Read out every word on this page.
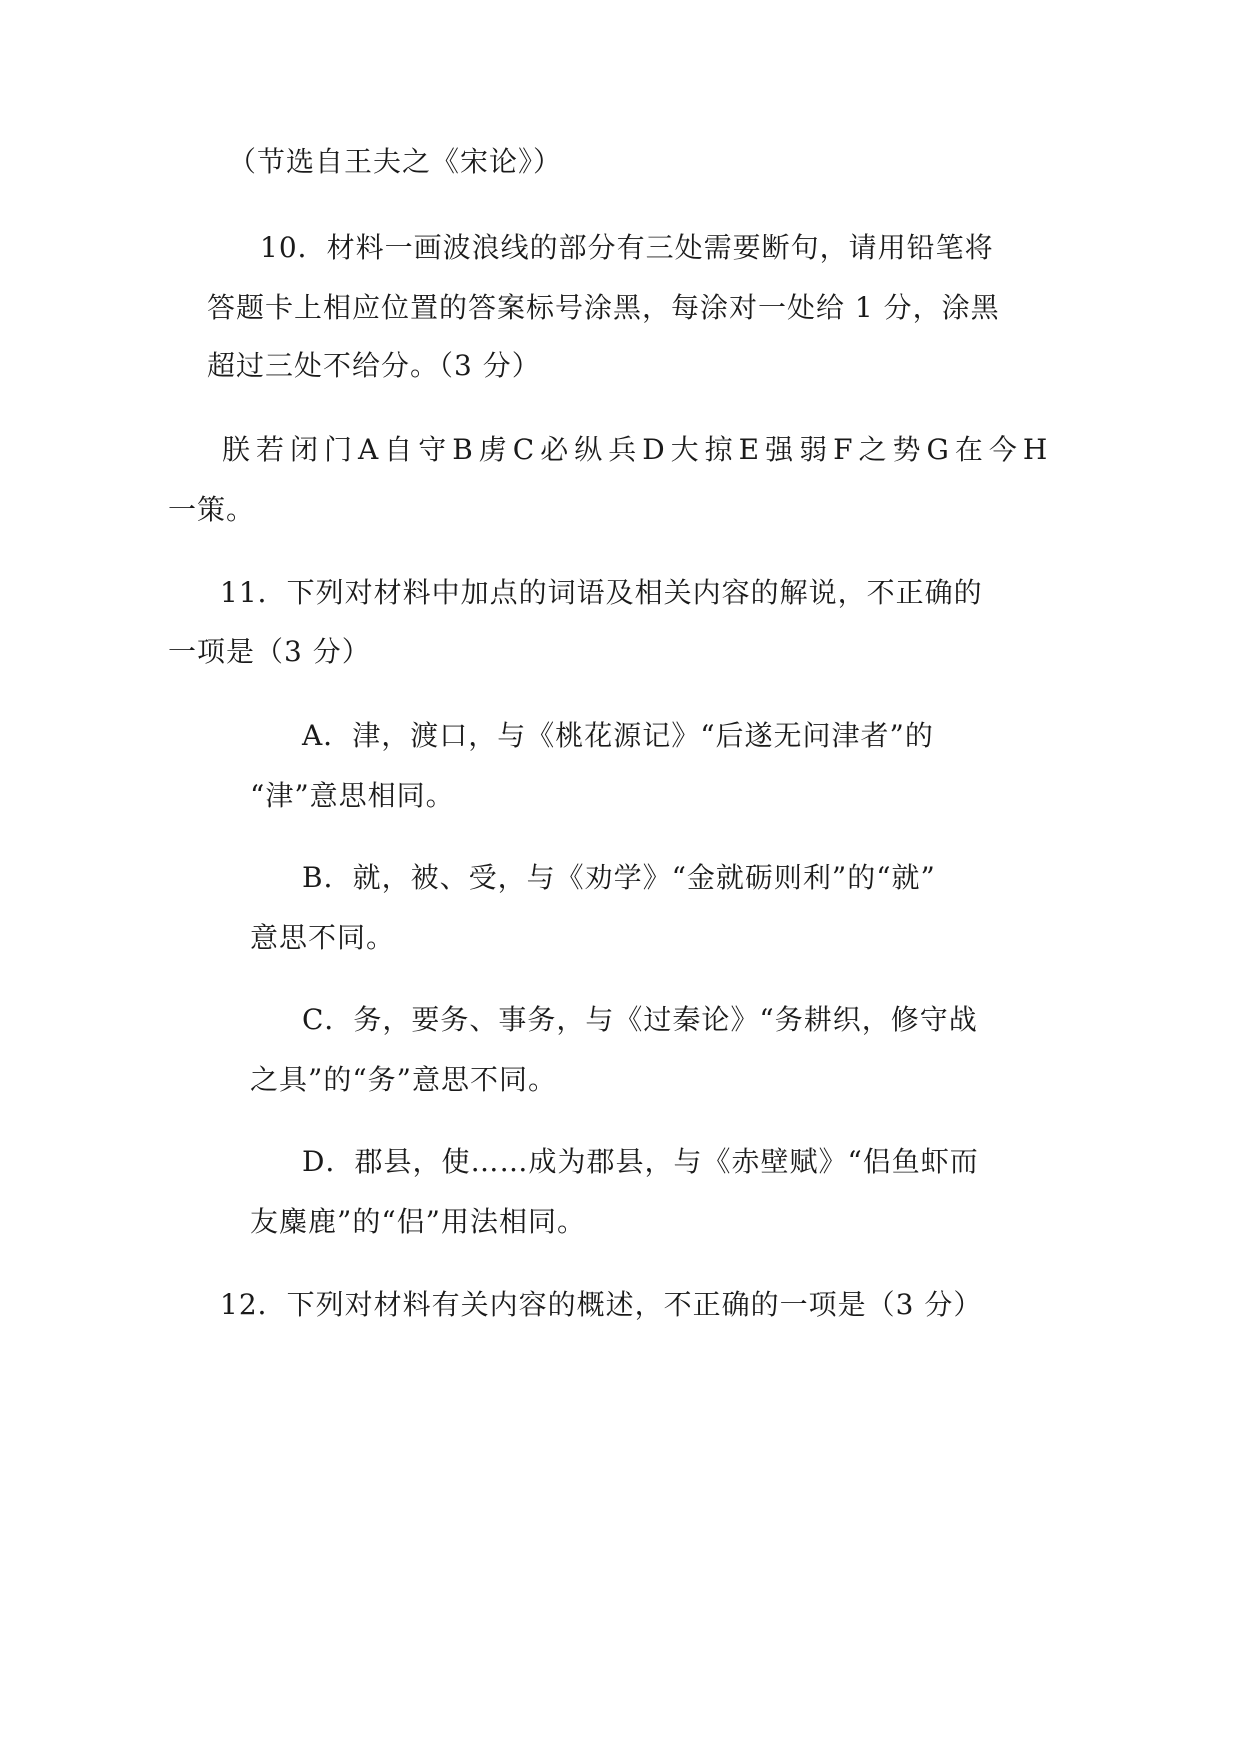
（节选自王夫之《宋论》）
10．材料一画波浪线的部分有三处需要断句，请用铅笔将
答题卡上相应位置的答案标号涂黑，每涂对一处给 1 分，涂黑
超过三处不给分。（3 分）
朕若闭门A自守B虏C必纵兵D大掠E强弱F之势G在今H
一策。
11．下列对材料中加点的词语及相关内容的解说，不正确的
一项是（3 分）
A．津，渡口，与《桃花源记》“后遂无问津者”的
“津”意思相同。
B．就，被、受，与《劝学》“金就砺则利”的“就”
意思不同。
C．务，要务、事务，与《过秦论》“务耕织，修守战
之具”的“务”意思不同。
D．郡县，使……成为郡县，与《赤壁赋》“侣鱼虾而
友麋鹿”的“侣”用法相同。
12．下列对材料有关内容的概述，不正确的一项是（3 分）
